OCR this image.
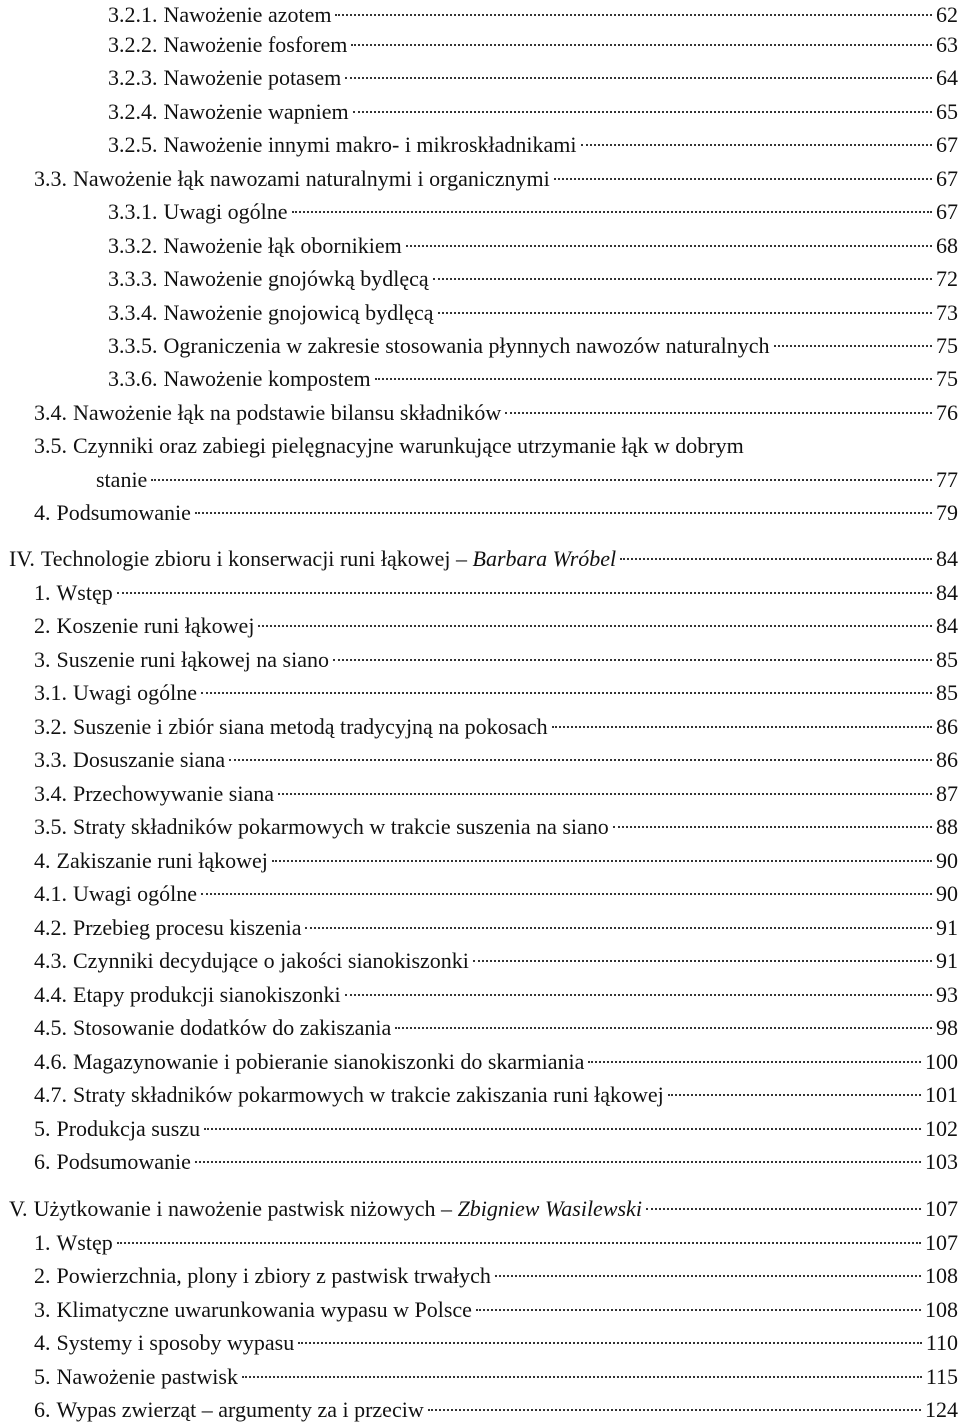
3.2.1. Nawożenie azotem	62
3.2.2. Nawożenie fosforem	63
3.2.3. Nawożenie potasem	64
3.2.4. Nawożenie wapniem	65
3.2.5. Nawożenie innymi makro- i mikroskładnikami	67
3.3. Nawożenie łąk nawozami naturalnymi i organicznymi	67
3.3.1. Uwagi ogólne	67
3.3.2. Nawożenie łąk obornikiem	68
3.3.3. Nawożenie gnojówką bydlęcą	72
3.3.4. Nawożenie gnojowicą bydlęcą	73
3.3.5. Ograniczenia w zakresie stosowania płynnych nawozów naturalnych	75
3.3.6. Nawożenie kompostem	75
3.4. Nawożenie łąk na podstawie bilansu składników	76
3.5. Czynniki oraz zabiegi pielęgnacyjne warunkujące utrzymanie łąk w dobrym
stanie	77
4. Podsumowanie	79
IV. Technologie zbioru i konserwacji runi łąkowej – Barbara Wróbel	84
1. Wstęp	84
2. Koszenie runi łąkowej	84
3. Suszenie runi łąkowej na siano	85
3.1. Uwagi ogólne	85
3.2. Suszenie i zbiór siana metodą tradycyjną na pokosach	86
3.3. Dosuszanie siana	86
3.4. Przechowywanie siana	87
3.5. Straty składników pokarmowych w trakcie suszenia na siano	88
4. Zakiszanie runi łąkowej	90
4.1. Uwagi ogólne	90
4.2. Przebieg procesu kiszenia	91
4.3. Czynniki decydujące o jakości sianokiszonki	91
4.4. Etapy produkcji sianokiszonki	93
4.5. Stosowanie dodatków do zakiszania	98
4.6. Magazynowanie i pobieranie sianokiszonki do skarmiania	100
4.7. Straty składników pokarmowych w trakcie zakiszania runi łąkowej	101
5. Produkcja suszu	102
6. Podsumowanie	103
V. Użytkowanie i nawożenie pastwisk niżowych – Zbigniew Wasilewski	107
1. Wstęp	107
2. Powierzchnia, plony i zbiory z pastwisk trwałych	108
3. Klimatyczne uwarunkowania wypasu w Polsce	108
4. Systemy i sposoby wypasu	110
5. Nawożenie pastwisk	115
6. Wypas zwierząt – argumenty za i przeciw	124
